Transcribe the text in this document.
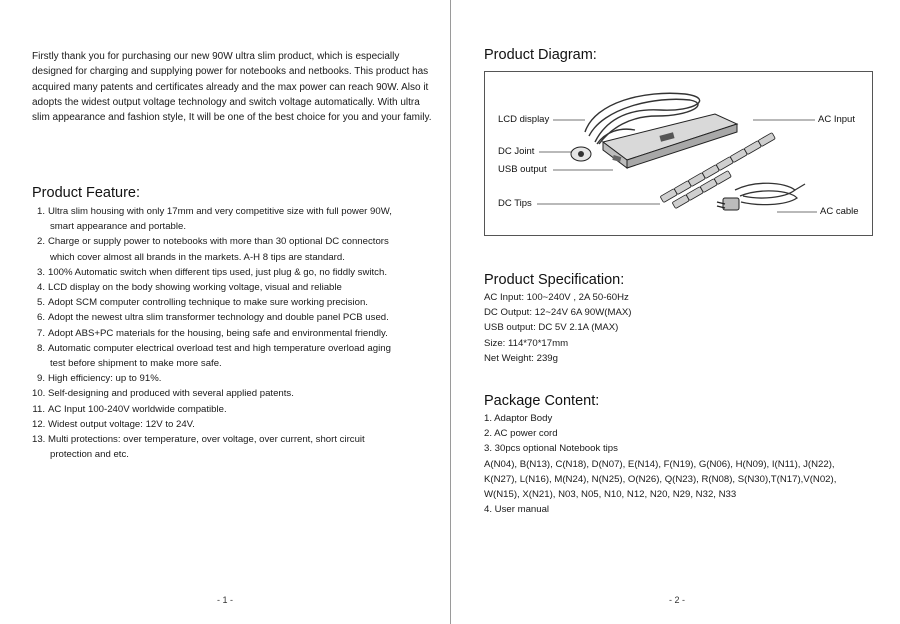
Firstly thank you for purchasing our new 90W ultra slim product, which is especially designed for charging and supplying power for notebooks and netbooks. This product has acquired many patents and certificates already and the max power can reach 90W. Also it adopts the widest output voltage technology and switch voltage automatically. With ultra slim appearance and fashion style, It will be one of the best choice for you and your family.

Product Feature:
1. Ultra slim housing with only 17mm and very competitive size with full power 90W,
smart appearance and portable.
2. Charge or supply power to notebooks with more than 30 optional DC connectors
which cover almost all brands in the markets. A-H 8 tips are standard.
3. 100% Automatic switch when different tips used, just plug & go, no fiddly switch.
4. LCD display on the body showing working voltage, visual and reliable
5. Adopt SCM computer controlling technique to make sure working precision.
6. Adopt the newest ultra slim transformer technology and double panel PCB used.
7. Adopt ABS+PC materials for the housing, being safe and environmental friendly.
8. Automatic computer electrical overload test and high temperature overload aging
test before shipment to make more safe.
9. High efficiency: up to 91%.
10. Self-designing and produced with several applied patents.
11. AC Input 100-240V worldwide compatible.
12. Widest output voltage: 12V to 24V.
13. Multi protections: over temperature, over voltage, over current, short circuit
protection and etc.
- 1 -
Product Diagram:
LCD display
DC Joint
USB output
DC Tips
AC Input
AC cable
Product Specification:
AC Input: 100~240V , 2A 50-60Hz
DC Output: 12~24V 6A 90W(MAX)
USB output: DC 5V 2.1A (MAX)
Size: 114*70*17mm
Net Weight: 239g
Package Content:
1. Adaptor Body
2. AC power cord
3. 30pcs optional Notebook tips
A(N04), B(N13), C(N18), D(N07), E(N14), F(N19), G(N06), H(N09), I(N11), J(N22),
K(N27), L(N16), M(N24), N(N25), O(N26), Q(N23), R(N08), S(N30),T(N17),V(N02),
W(N15), X(N21), N03, N05, N10, N12, N20, N29, N32, N33
4. User manual
- 2 -
